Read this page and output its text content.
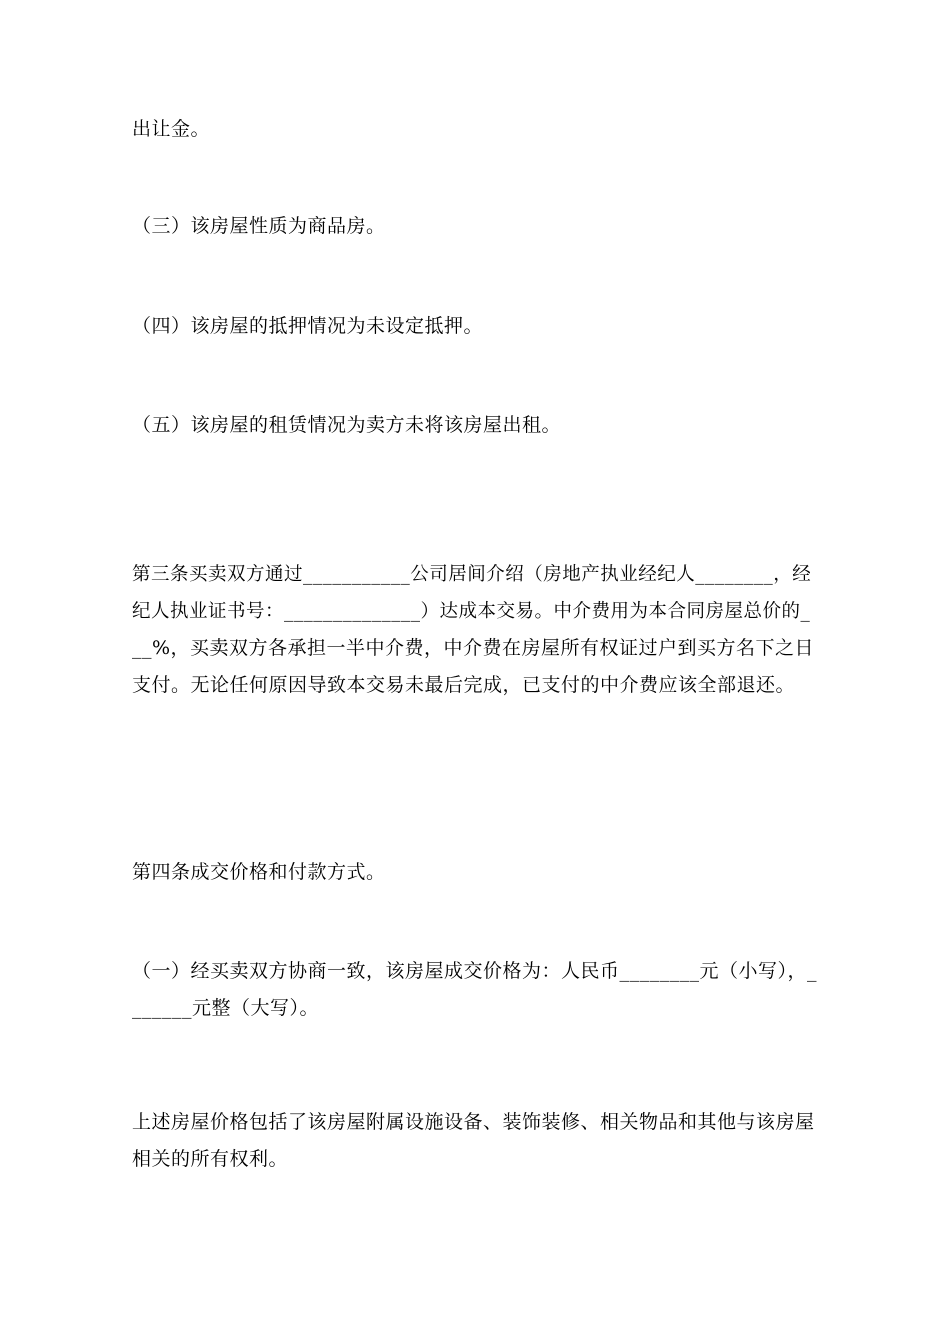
出让金。

（三）该房屋性质为商品房。

（四）该房屋的抵押情况为未设定抵押。

（五）该房屋的租赁情况为卖方未将该房屋出租。

第三条买卖双方通过___________公司居间介绍（房地产执业经纪人________，经
纪人执业证书号：______________）达成本交易。中介费用为本合同房屋总价的_
__%，买卖双方各承担一半中介费，中介费在房屋所有权证过户到买方名下之日
支付。无论任何原因导致本交易未最后完成，已支付的中介费应该全部退还。

第四条成交价格和付款方式。

（一）经买卖双方协商一致，该房屋成交价格为：人民币________元（小写），_
______元整（大写）。

上述房屋价格包括了该房屋附属设施设备、装饰装修、相关物品和其他与该房屋
相关的所有权利。
